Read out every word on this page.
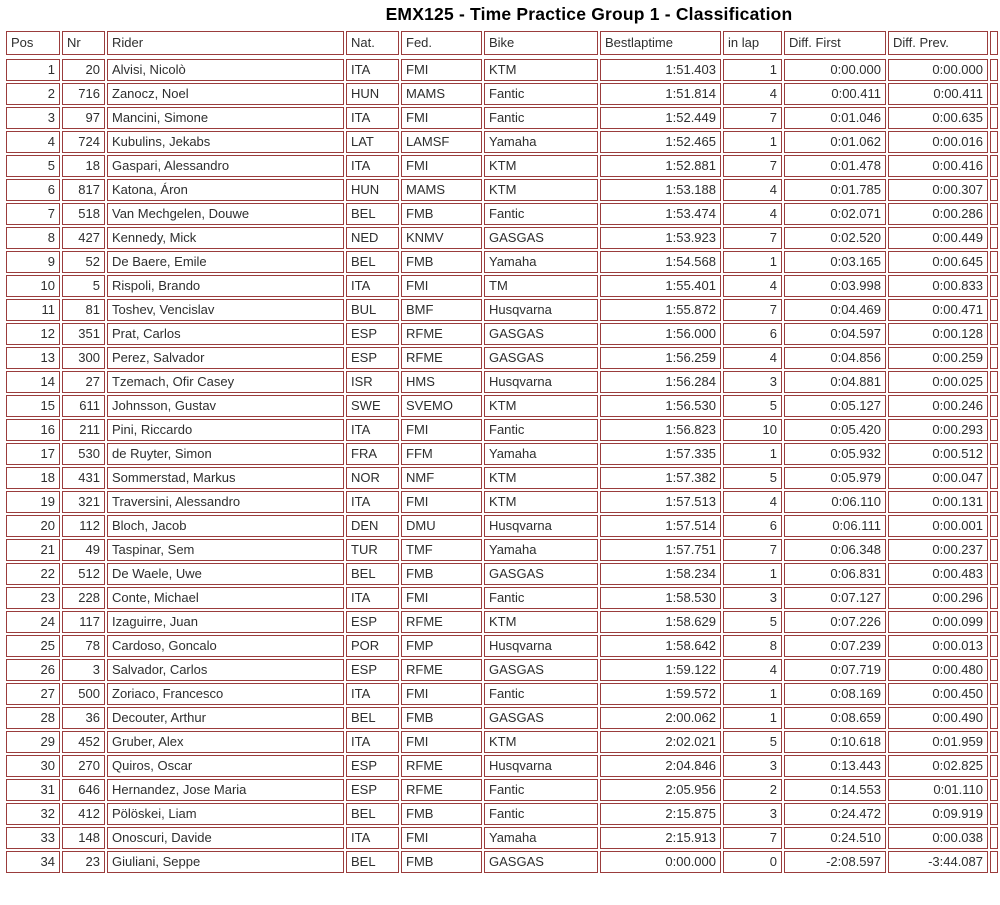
EMX125 - Time Practice Group 1 - Classification
Pos	Nr	Rider	Nat.	Fed.	Bike	Bestlaptime	in lap	Diff. First	Diff. Prev.
1	20 Alvisi, Nicolò	ITA	FMI	KTM	1:51.403	1	0:00.000	0:00.000
2	716 Zanocz, Noel	HUN	MAMS	Fantic	1:51.814	4	0:00.411	0:00.411
3	97 Mancini, Simone	ITA	FMI	Fantic	1:52.449	7	0:01.046	0:00.635
4	724 Kubulins, Jekabs	LAT	LAMSF	Yamaha	1:52.465	1	0:01.062	0:00.016
5	18 Gaspari, Alessandro	ITA	FMI	KTM	1:52.881	7	0:01.478	0:00.416
6	817 Katona, Áron	HUN	MAMS	KTM	1:53.188	4	0:01.785	0:00.307
7	518 Van Mechgelen, Douwe	BEL	FMB	Fantic	1:53.474	4	0:02.071	0:00.286
8	427 Kennedy, Mick	NED	KNMV	GASGAS	1:53.923	7	0:02.520	0:00.449
9	52 De Baere, Emile	BEL	FMB	Yamaha	1:54.568	1	0:03.165	0:00.645
10	5 Rispoli, Brando	ITA	FMI	TM	1:55.401	4	0:03.998	0:00.833
11	81 Toshev, Vencislav	BUL	BMF	Husqvarna	1:55.872	7	0:04.469	0:00.471
12	351 Prat, Carlos	ESP	RFME	GASGAS	1:56.000	6	0:04.597	0:00.128
13	300 Perez, Salvador	ESP	RFME	GASGAS	1:56.259	4	0:04.856	0:00.259
14	27 Tzemach, Ofir Casey	ISR	HMS	Husqvarna	1:56.284	3	0:04.881	0:00.025
15	611 Johnsson, Gustav	SWE	SVEMO	KTM	1:56.530	5	0:05.127	0:00.246
16	211 Pini, Riccardo	ITA	FMI	Fantic	1:56.823	10	0:05.420	0:00.293
17	530 de Ruyter, Simon	FRA	FFM	Yamaha	1:57.335	1	0:05.932	0:00.512
18	431 Sommerstad, Markus	NOR	NMF	KTM	1:57.382	5	0:05.979	0:00.047
19	321 Traversini, Alessandro	ITA	FMI	KTM	1:57.513	4	0:06.110	0:00.131
20	112 Bloch, Jacob	DEN	DMU	Husqvarna	1:57.514	6	0:06.111	0:00.001
21	49 Taspinar, Sem	TUR	TMF	Yamaha	1:57.751	7	0:06.348	0:00.237
22	512 De Waele, Uwe	BEL	FMB	GASGAS	1:58.234	1	0:06.831	0:00.483
23	228 Conte, Michael	ITA	FMI	Fantic	1:58.530	3	0:07.127	0:00.296
24	117 Izaguirre, Juan	ESP	RFME	KTM	1:58.629	5	0:07.226	0:00.099
25	78 Cardoso, Goncalo	POR	FMP	Husqvarna	1:58.642	8	0:07.239	0:00.013
26	3 Salvador, Carlos	ESP	RFME	GASGAS	1:59.122	4	0:07.719	0:00.480
27	500 Zoriaco, Francesco	ITA	FMI	Fantic	1:59.572	1	0:08.169	0:00.450
28	36 Decouter, Arthur	BEL	FMB	GASGAS	2:00.062	1	0:08.659	0:00.490
29	452 Gruber, Alex	ITA	FMI	KTM	2:02.021	5	0:10.618	0:01.959
30	270 Quiros, Oscar	ESP	RFME	Husqvarna	2:04.846	3	0:13.443	0:02.825
31	646 Hernandez, Jose Maria	ESP	RFME	Fantic	2:05.956	2	0:14.553	0:01.110
32	412 Pölöskei, Liam	BEL	FMB	Fantic	2:15.875	3	0:24.472	0:09.919
33	148 Onoscuri, Davide	ITA	FMI	Yamaha	2:15.913	7	0:24.510	0:00.038
34	23 Giuliani, Seppe	BEL	FMB	GASGAS	0:00.000	0	-2:08.597	-3:44.087
